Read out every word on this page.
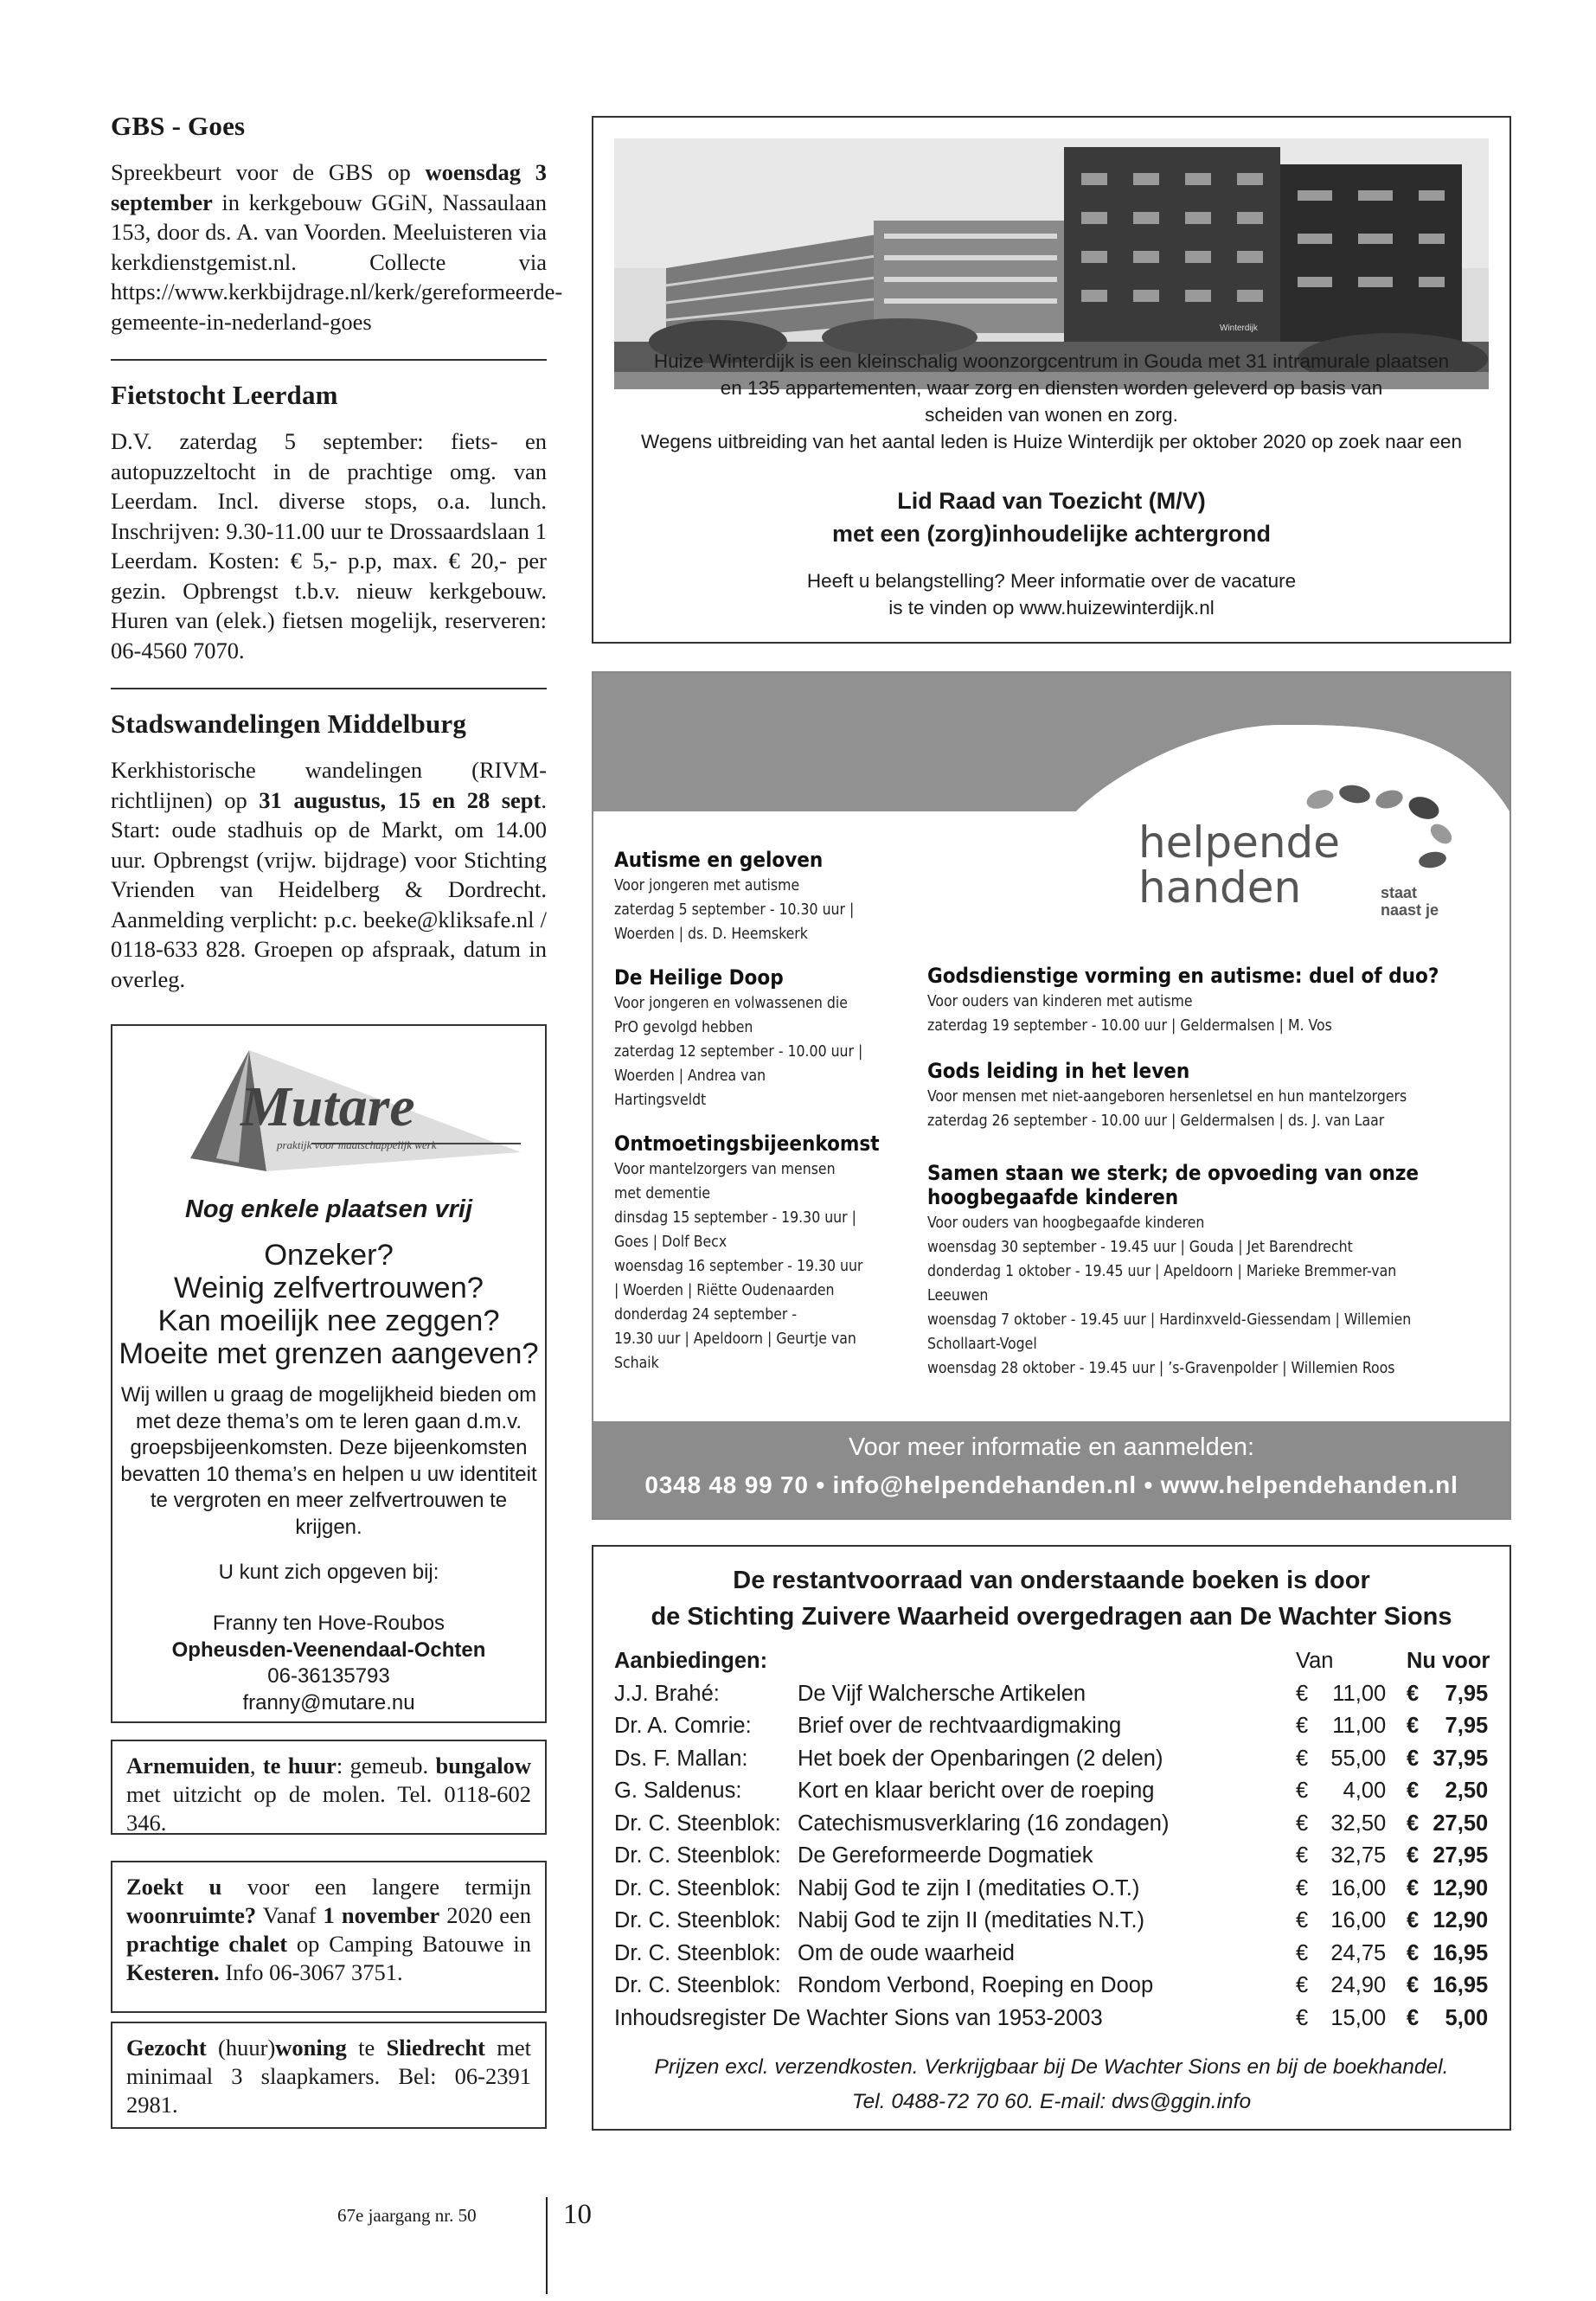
GBS - Goes

Spreekbeurt voor de GBS op woensdag 3 september in kerkgebouw GGiN, Nassaulaan 153, door ds. A. van Voorden. Meeluisteren via kerkdienstgemist.nl. Collecte via https://www.kerkbijdrage.nl/kerk/gereformeerde-gemeente-in-nederland-goes

Fietstocht Leerdam

D.V. zaterdag 5 september: fiets- en autopuzzeltocht in de prachtige omg. van Leerdam. Incl. diverse stops, o.a. lunch. Inschrijven: 9.30-11.00 uur te Drossaardslaan 1 Leerdam. Kosten: € 5,- p.p, max. € 20,- per gezin. Opbrengst t.b.v. nieuw kerkgebouw. Huren van (elek.) fietsen mogelijk, reserveren: 06-4560 7070.

Stadswandelingen Middelburg

Kerkhistorische wandelingen (RIVM-richtlijnen) op 31 augustus, 15 en 28 sept. Start: oude stadhuis op de Markt, om 14.00 uur. Opbrengst (vrijw. bijdrage) voor Stichting Vrienden van Heidelberg & Dordrecht. Aanmelding verplicht: p.c. beeke@kliksafe.nl / 0118-633 828. Groepen op afspraak, datum in overleg.

Mutare
praktijk voor maatschappelijk werk
Nog enkele plaatsen vrij
Onzeker?
Weinig zelfvertrouwen?
Kan moeilijk nee zeggen?
Moeite met grenzen aangeven?
Wij willen u graag de mogelijkheid bieden om met deze thema’s om te leren gaan d.m.v. groepsbijeenkomsten. Deze bijeenkomsten bevatten 10 thema’s en helpen u uw identiteit te vergroten en meer zelfvertrouwen te krijgen.
U kunt zich opgeven bij:
Franny ten Hove-Roubos
Opheusden-Veenendaal-Ochten
06-36135793
franny@mutare.nu

Arnemuiden, te huur: gemeub. bungalow met uitzicht op de molen. Tel. 0118-602 346.

Zoekt u voor een langere termijn woonruimte? Vanaf 1 november 2020 een prachtige chalet op Camping Batouwe in Kesteren. Info 06-3067 3751.

Gezocht (huur)woning te Sliedrecht met minimaal 3 slaapkamers. Bel: 06-2391 2981.

Winterdijk
Huize Winterdijk is een kleinschalig woonzorgcentrum in Gouda met 31 intramurale plaatsen
en 135 appartementen, waar zorg en diensten worden geleverd op basis van
scheiden van wonen en zorg.
Wegens uitbreiding van het aantal leden is Huize Winterdijk per oktober 2020 op zoek naar een
Lid Raad van Toezicht (M/V)
met een (zorg)inhoudelijke achtergrond
Heeft u belangstelling? Meer informatie over de vacature
is te vinden op www.huizewinterdijk.nl
helpende
handen	staat
naast je
Autisme en geloven
Voor jongeren met autisme
zaterdag 5 september - 10.30 uur |
Woerden | ds. D. Heemskerk
De Heilige Doop
Voor jongeren en volwassenen die
PrO gevolgd hebben
zaterdag 12 september - 10.00 uur |
Woerden | Andrea van
Hartingsveldt
Ontmoetingsbijeenkomst
Voor mantelzorgers van mensen
met dementie
dinsdag 15 september - 19.30 uur |
Goes | Dolf Becx
woensdag 16 september - 19.30 uur
| Woerden | Riëtte Oudenaarden
donderdag 24 september -
19.30 uur | Apeldoorn | Geurtje van
Schaik
Godsdienstige vorming en autisme: duel of duo?
Voor ouders van kinderen met autisme
zaterdag 19 september - 10.00 uur | Geldermalsen | M. Vos
Gods leiding in het leven
Voor mensen met niet-aangeboren hersenletsel en hun mantelzorgers
zaterdag 26 september - 10.00 uur | Geldermalsen | ds. J. van Laar
Samen staan we sterk; de opvoeding van onze hoogbegaafde kinderen
Voor ouders van hoogbegaafde kinderen
woensdag 30 september - 19.45 uur | Gouda | Jet Barendrecht
donderdag 1 oktober - 19.45 uur | Apeldoorn | Marieke Bremmer-van
Leeuwen
woensdag 7 oktober - 19.45 uur | Hardinxveld-Giessendam | Willemien
Schollaart-Vogel
woensdag 28 oktober - 19.45 uur | ’s-Gravenpolder | Willemien Roos
Voor meer informatie en aanmelden:
0348 48 99 70 • info@helpendehanden.nl • www.helpendehanden.nl
De restantvoorraad van onderstaande boeken is door
de Stichting Zuivere Waarheid overgedragen aan De Wachter Sions
Aanbiedingen:		Van	Nu voor
J.J. Brahé:	De Vijf Walchersche Artikelen	€ 11,00	€ 7,95
Dr. A. Comrie:	Brief over de rechtvaardigmaking	€ 11,00	€ 7,95
Ds. F. Mallan:	Het boek der Openbaringen (2 delen)	€ 55,00	€ 37,95
G. Saldenus:	Kort en klaar bericht over de roeping	€ 4,00	€ 2,50
Dr. C. Steenblok:	Catechismusverklaring (16 zondagen)	€ 32,50	€ 27,50
Dr. C. Steenblok:	De Gereformeerde Dogmatiek	€ 32,75	€ 27,95
Dr. C. Steenblok:	Nabij God te zijn I (meditaties O.T.)	€ 16,00	€ 12,90
Dr. C. Steenblok:	Nabij God te zijn II (meditaties N.T.)	€ 16,00	€ 12,90
Dr. C. Steenblok:	Om de oude waarheid	€ 24,75	€ 16,95
Dr. C. Steenblok:	Rondom Verbond, Roeping en Doop	€ 24,90	€ 16,95
Inhoudsregister De Wachter Sions van 1953-2003		€ 15,00	€ 5,00
Prijzen excl. verzendkosten. Verkrijgbaar bij De Wachter Sions en bij de boekhandel.
Tel. 0488-72 70 60. E-mail: dws@ggin.info
67e jaargang nr. 50	10
